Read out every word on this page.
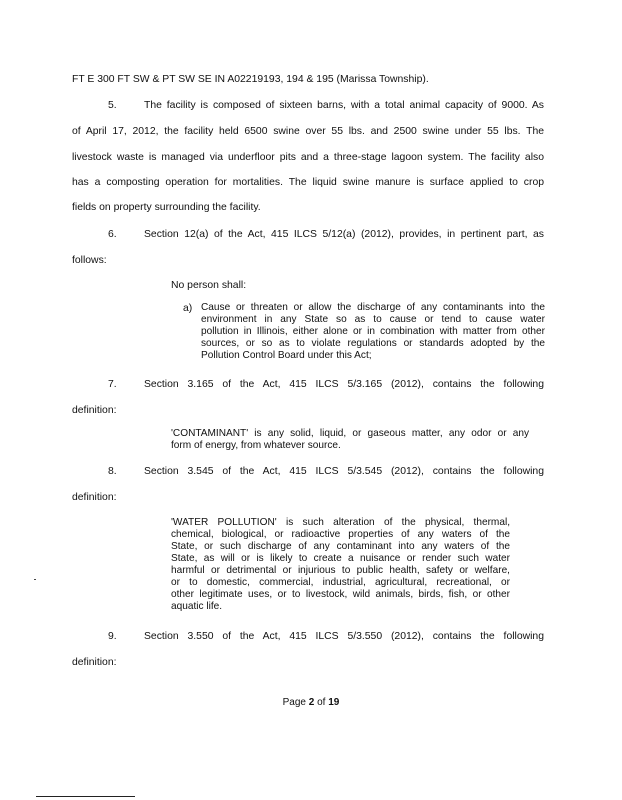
FT E 300 FT SW & PT SW SE IN A02219193, 194 & 195 (Marissa Township).
5.	The facility is composed of sixteen barns, with a total animal capacity of 9000. As
of April 17, 2012, the facility held 6500 swine over 55 lbs. and 2500 swine under 55 lbs. The
livestock waste is managed via underfloor pits and a three-stage lagoon system. The facility also
has a composting operation for mortalities. The liquid swine manure is surface applied to crop
fields on property surrounding the facility.
6.	Section 12(a) of the Act, 415 ILCS 5/12(a) (2012), provides, in pertinent part, as
follows:
No person shall:
a) Cause or threaten or allow the discharge of any contaminants into the
environment in any State so as to cause or tend to cause water
pollution in Illinois, either alone or in combination with matter from other
sources, or so as to violate regulations or standards adopted by the
Pollution Control Board under this Act;
7.	Section 3.165 of the Act, 415 ILCS 5/3.165 (2012), contains the following
definition:
'CONTAMINANT' is any solid, liquid, or gaseous matter, any odor or any
form of energy, from whatever source.
8.	Section 3.545 of the Act, 415 ILCS 5/3.545 (2012), contains the following
definition:
'WATER POLLUTION' is such alteration of the physical, thermal,
chemical, biological, or radioactive properties of any waters of the
State, or such discharge of any contaminant into any waters of the
State, as will or is likely to create a nuisance or render such water
harmful or detrimental or injurious to public health, safety or welfare,
or to domestic, commercial, industrial, agricultural, recreational, or
other legitimate uses, or to livestock, wild animals, birds, fish, or other
aquatic life.
9.	Section 3.550 of the Act, 415 ILCS 5/3.550 (2012), contains the following
definition:
Page 2 of 19
